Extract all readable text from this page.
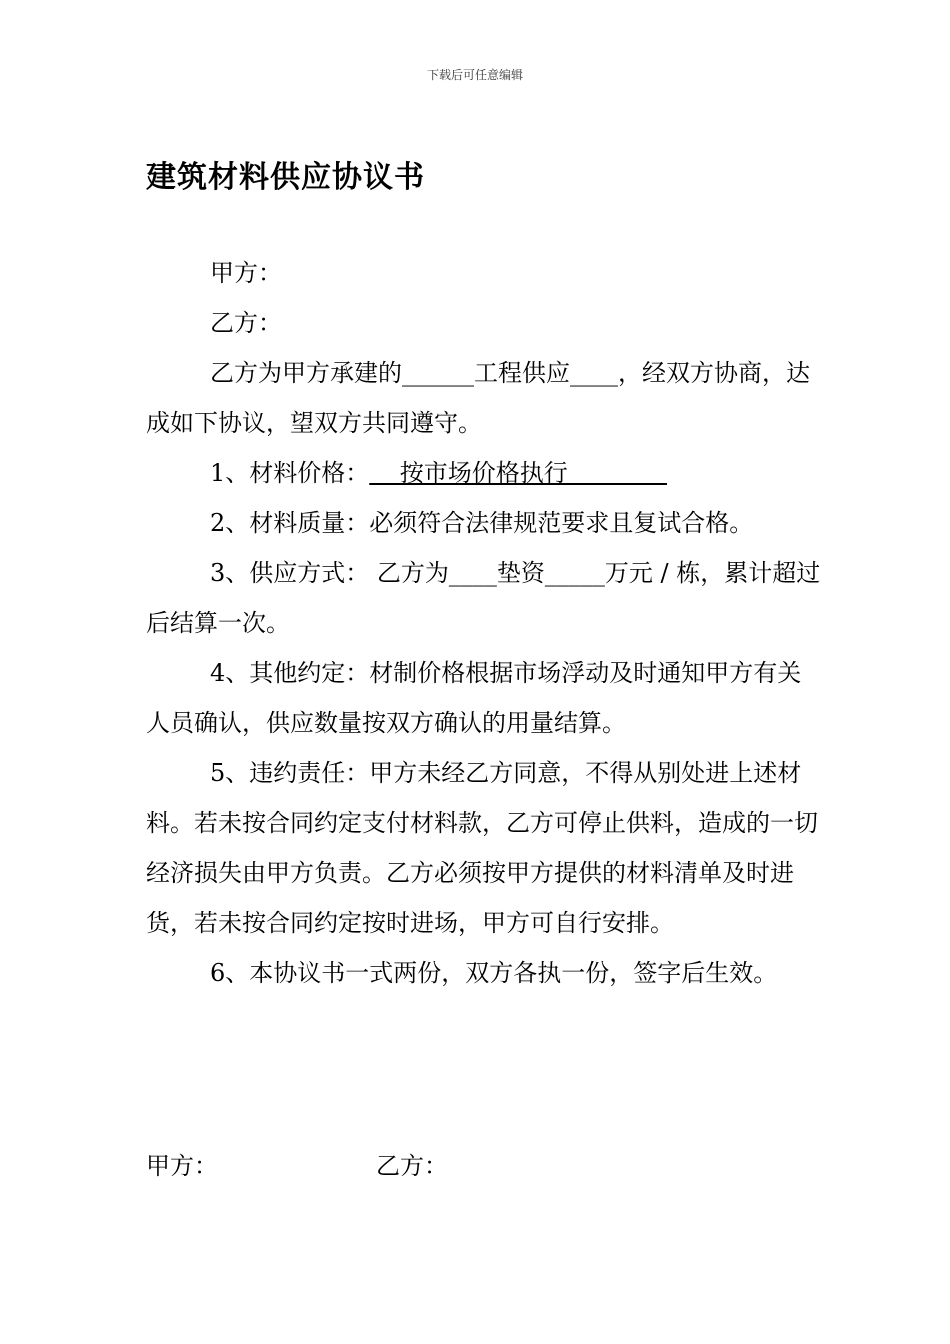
下载后可任意编辑
建筑材料供应协议书

甲方：

乙方：

乙方为甲方承建的______工程供应____，经双方协商，达成如下协议，望双方共同遵守。

1、材料价格：    按市场价格执行

2、材料质量：必须符合法律规范要求且复试合格。

3、供应方式： 乙方为____垫资_____万元 / 栋，累计超过后结算一次。

4、其他约定：材制价格根据市场浮动及时通知甲方有关人员确认，供应数量按双方确认的用量结算。

5、违约责任：甲方未经乙方同意，不得从别处进上述材料。若未按合同约定支付材料款，乙方可停止供料，造成的一切经济损失由甲方负责。乙方必须按甲方提供的材料清单及时进货，若未按合同约定按时进场，甲方可自行安排。

6、本协议书一式两份，双方各执一份，签字后生效。

甲方：	乙方：
